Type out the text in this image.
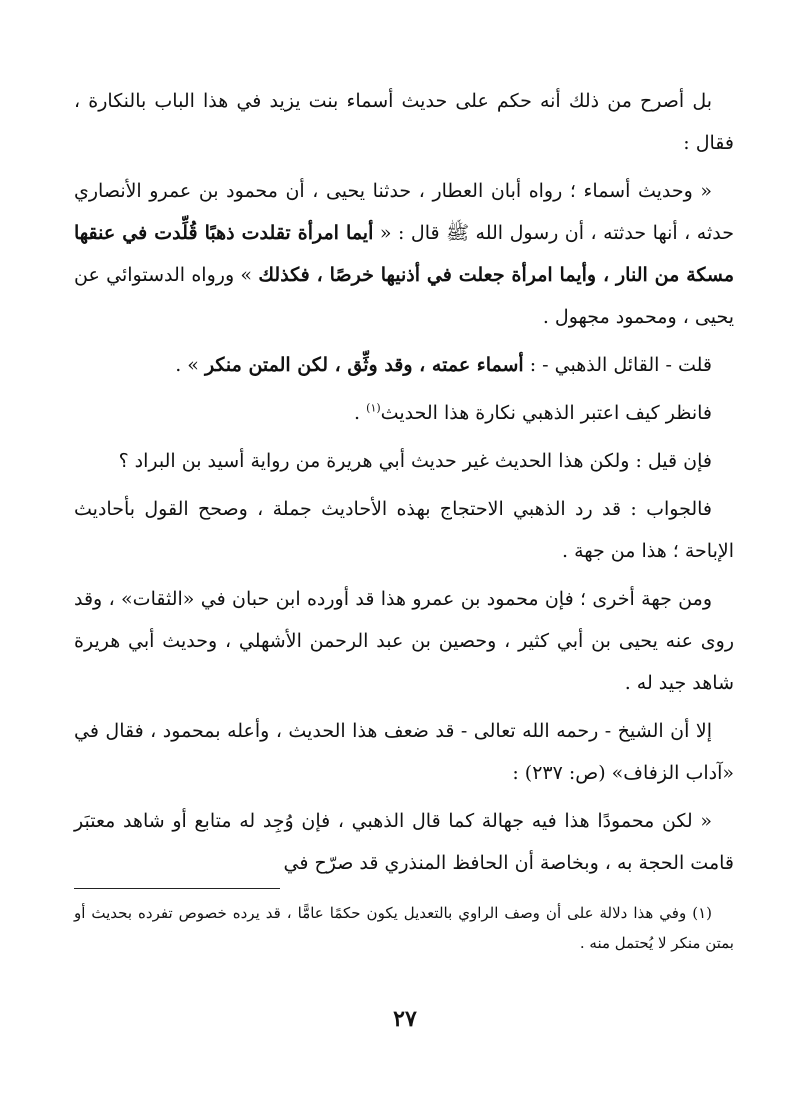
بل أصرح من ذلك أنه حكم على حديث أسماء بنت يزيد في هذا الباب بالنكارة ، فقال :

« وحديث أسماء ؛ رواه أبان العطار ، حدثنا يحيى ، أن محمود بن عمرو الأنصاري حدثه ، أنها حدثته ، أن رسول الله ﷺ قال : « أيما امرأة تقلدت ذهبًا قُلِّدت في عنقها مسكة من النار ، وأيما امرأة جعلت في أذنيها خرصًا ، فكذلك » ورواه الدستوائي عن يحيى ، ومحمود مجهول .

قلت - القائل الذهبي - : أسماء عمته ، وقد وثِّق ، لكن المتن منكر » .

فانظر كيف اعتبر الذهبي نكارة هذا الحديث$^{(١)}$ .

فإن قيل : ولكن هذا الحديث غير حديث أبي هريرة من رواية أسيد بن البراد ؟

فالجواب : قد رد الذهبي الاحتجاج بهذه الأحاديث جملة ، وصحح القول بأحاديث الإباحة ؛ هذا من جهة .

ومن جهة أخرى ؛ فإن محمود بن عمرو هذا قد أورده ابن حبان في «الثقات» ، وقد روى عنه يحيى بن أبي كثير ، وحصين بن عبد الرحمن الأشهلي ، وحديث أبي هريرة شاهد جيد له .

إلا أن الشيخ - رحمه الله تعالى - قد ضعف هذا الحديث ، وأعله بمحمود ، فقال في «آداب الزفاف» (ص: ٢٣٧) :

« لكن محمودًا هذا فيه جهالة كما قال الذهبي ، فإن وُجِد له متابع أو شاهد معتبَر قامت الحجة به ، وبخاصة أن الحافظ المنذري قد صرّح في

(١) وفي هذا دلالة على أن وصف الراوي بالتعديل يكون حكمًا عامًّا ، قد يرده خصوص تفرده بحديث أو بمتن منكر لا يُحتمل منه .

٢٧
